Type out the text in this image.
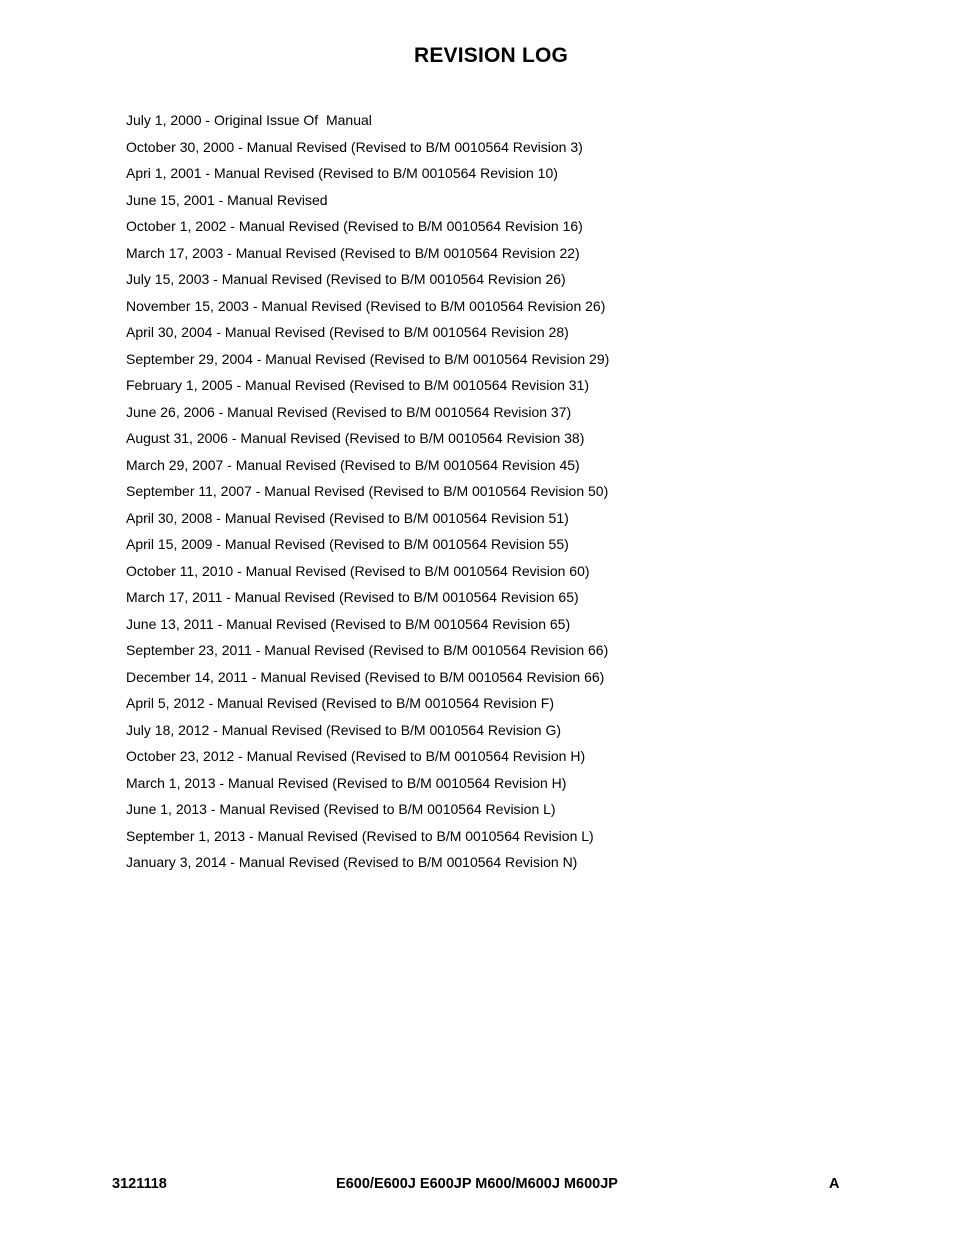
REVISION LOG
July 1, 2000 - Original Issue Of  Manual
October 30, 2000 - Manual Revised (Revised to B/M 0010564 Revision 3)
Apri 1, 2001 - Manual Revised (Revised to B/M 0010564 Revision 10)
June 15, 2001 - Manual Revised
October 1, 2002 - Manual Revised (Revised to B/M 0010564 Revision 16)
March 17, 2003 - Manual Revised (Revised to B/M 0010564 Revision 22)
July 15, 2003 - Manual Revised (Revised to B/M 0010564 Revision 26)
November 15, 2003 - Manual Revised (Revised to B/M 0010564 Revision 26)
April 30, 2004 - Manual Revised (Revised to B/M 0010564 Revision 28)
September 29, 2004 - Manual Revised (Revised to B/M 0010564 Revision 29)
February 1, 2005 - Manual Revised (Revised to B/M 0010564 Revision 31)
June 26, 2006 - Manual Revised (Revised to B/M 0010564 Revision 37)
August 31, 2006 - Manual Revised (Revised to B/M 0010564 Revision 38)
March 29, 2007 - Manual Revised (Revised to B/M 0010564 Revision 45)
September 11, 2007 - Manual Revised (Revised to B/M 0010564 Revision 50)
April 30, 2008 - Manual Revised (Revised to B/M 0010564 Revision 51)
April 15, 2009 - Manual Revised (Revised to B/M 0010564 Revision 55)
October 11, 2010 - Manual Revised (Revised to B/M 0010564 Revision 60)
March 17, 2011 - Manual Revised (Revised to B/M 0010564 Revision 65)
June 13, 2011 - Manual Revised (Revised to B/M 0010564 Revision 65)
September 23, 2011 - Manual Revised (Revised to B/M 0010564 Revision 66)
December 14, 2011 - Manual Revised (Revised to B/M 0010564 Revision 66)
April 5, 2012 - Manual Revised (Revised to B/M 0010564 Revision F)
July 18, 2012 - Manual Revised (Revised to B/M 0010564 Revision G)
October 23, 2012 - Manual Revised (Revised to B/M 0010564 Revision H)
March 1, 2013 - Manual Revised (Revised to B/M 0010564 Revision H)
June 1, 2013 - Manual Revised (Revised to B/M 0010564 Revision L)
September 1, 2013 - Manual Revised (Revised to B/M 0010564 Revision L)
January 3, 2014 - Manual Revised (Revised to B/M 0010564 Revision N)
3121118	E600/E600J E600JP M600/M600J M600JP	A
